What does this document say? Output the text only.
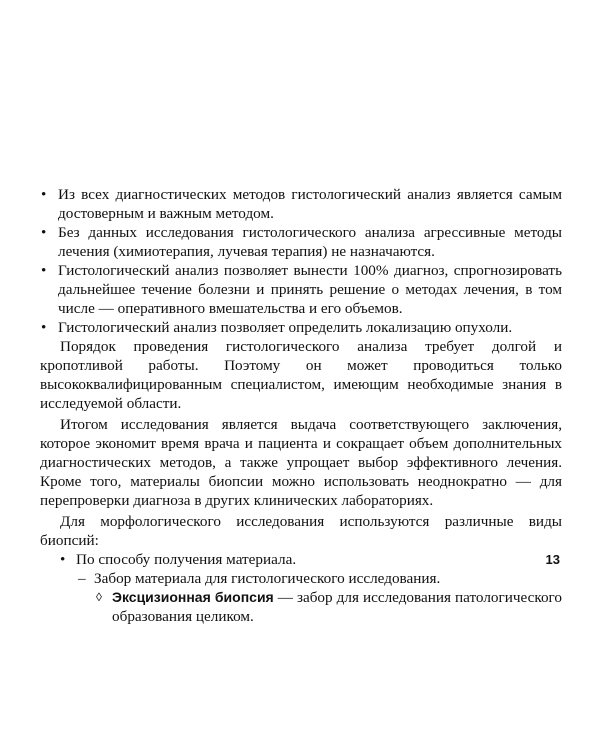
• Из всех диагностических методов гистологический анализ является самым достоверным и важным методом.
• Без данных исследования гистологического анализа агрессивные методы лечения (химиотерапия, лучевая терапия) не назначаются.
• Гистологический анализ позволяет вынести 100% диагноз, спрогнозировать дальнейшее течение болезни и принять решение о методах лечения, в том числе — оперативного вмешательства и его объемов.
• Гистологический анализ позволяет определить локализацию опухоли.

Порядок проведения гистологического анализа требует долгой и кропотливой работы. Поэтому он может проводиться только высококвалифицированным специалистом, имеющим необходимые знания в исследуемой области.

Итогом исследования является выдача соответствующего заключения, которое экономит время врача и пациента и сокращает объем дополнительных диагностических методов, а также упрощает выбор эффективного лечения. Кроме того, материалы биопсии можно использовать неоднократно — для перепроверки диагноза в других клинических лабораториях.

Для морфологического исследования используются различные виды биопсий:

• По способу получения материала.
– Забор материала для гистологического исследования.
◊ Эксцизионная биопсия — забор для исследования патологического образования целиком.
13
